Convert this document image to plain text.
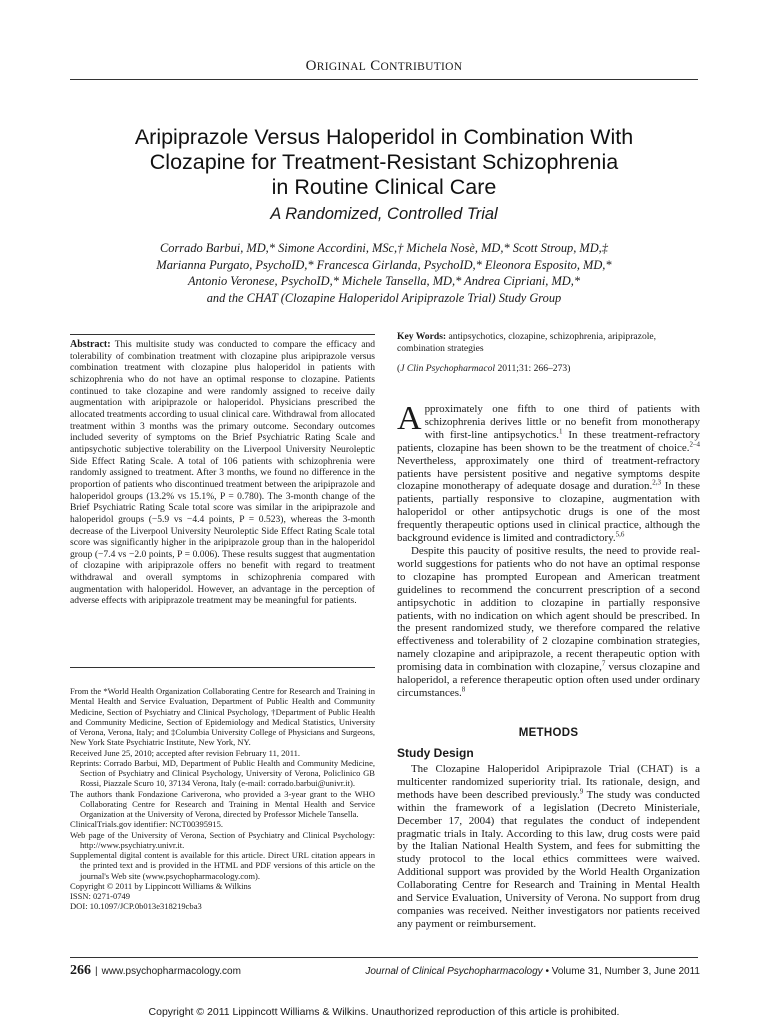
ORIGINAL CONTRIBUTION
Aripiprazole Versus Haloperidol in Combination With
Clozapine for Treatment-Resistant Schizophrenia
in Routine Clinical Care
A Randomized, Controlled Trial
Corrado Barbui, MD,* Simone Accordini, MSc,† Michela Nosè, MD,* Scott Stroup, MD,‡
Marianna Purgato, PsychoID,* Francesca Girlanda, PsychoID,* Eleonora Esposito, MD,*
Antonio Veronese, PsychoID,* Michele Tansella, MD,* Andrea Cipriani, MD,*
and the CHAT (Clozapine Haloperidol Aripiprazole Trial) Study Group
Abstract: This multisite study was conducted to compare the efficacy and tolerability of combination treatment with clozapine plus aripiprazole versus combination treatment with clozapine plus haloperidol in patients with schizophrenia who do not have an optimal response to clozapine. Patients continued to take clozapine and were randomly assigned to receive daily augmentation with aripiprazole or haloperidol. Physicians prescribed the allocated treatments according to usual clinical care. Withdrawal from allocated treatment within 3 months was the primary outcome. Secondary outcomes included severity of symptoms on the Brief Psychiatric Rating Scale and antipsychotic subjective tolerability on the Liverpool University Neuroleptic Side Effect Rating Scale. A total of 106 patients with schizophrenia were randomly assigned to treatment. After 3 months, we found no difference in the proportion of patients who discontinued treatment between the aripiprazole and haloperidol groups (13.2% vs 15.1%, P = 0.780). The 3-month change of the Brief Psychiatric Rating Scale total score was similar in the aripiprazole and haloperidol groups (−5.9 vs −4.4 points, P = 0.523), whereas the 3-month decrease of the Liverpool University Neuroleptic Side Effect Rating Scale total score was significantly higher in the aripiprazole group than in the haloperidol group (−7.4 vs −2.0 points, P = 0.006). These results suggest that augmentation of clozapine with aripiprazole offers no benefit with regard to treatment withdrawal and overall symptoms in schizophrenia compared with augmentation with haloperidol. However, an advantage in the perception of adverse effects with aripiprazole treatment may be meaningful for patients.

From the *World Health Organization Collaborating Centre for Research and Training in Mental Health and Service Evaluation, Department of Public Health and Community Medicine, Section of Psychiatry and Clinical Psychology, †Department of Public Health and Community Medicine, Section of Epidemiology and Medical Statistics, University of Verona, Verona, Italy; and ‡Columbia University College of Physicians and Surgeons, New York State Psychiatric Institute, New York, NY.

Received June 25, 2010; accepted after revision February 11, 2011.

Reprints: Corrado Barbui, MD, Department of Public Health and Community Medicine, Section of Psychiatry and Clinical Psychology, University of Verona, Policlinico GB Rossi, Piazzale Scuro 10, 37134 Verona, Italy (e-mail: corrado.barbui@univr.it).

The authors thank Fondazione Cariverona, who provided a 3-year grant to the WHO Collaborating Centre for Research and Training in Mental Health and Service Organization at the University of Verona, directed by Professor Michele Tansella.

ClinicalTrials.gov identifier: NCT00395915.

Web page of the University of Verona, Section of Psychiatry and Clinical Psychology: http://www.psychiatry.univr.it.

Supplemental digital content is available for this article. Direct URL citation appears in the printed text and is provided in the HTML and PDF versions of this article on the journal's Web site (www.psychopharmacology.com).

Copyright © 2011 by Lippincott Williams & Wilkins

ISSN: 0271-0749

DOI: 10.1097/JCP.0b013e318219cba3

Key Words: antipsychotics, clozapine, schizophrenia, aripiprazole, combination strategies
(J Clin Psychopharmacol 2011;31: 266–273)

Approximately one fifth to one third of patients with schizophrenia derives little or no benefit from monotherapy with first-line antipsychotics.$^1$ In these treatment-refractory patients, clozapine has been shown to be the treatment of choice.$^{2-4}$ Nevertheless, approximately one third of treatment-refractory patients have persistent positive and negative symptoms despite clozapine monotherapy of adequate dosage and duration.$^{2,3}$ In these patients, partially responsive to clozapine, augmentation with haloperidol or other antipsychotic drugs is one of the most frequently therapeutic options used in clinical practice, although the background evidence is limited and contradictory.$^{5,6}$

Despite this paucity of positive results, the need to provide real-world suggestions for patients who do not have an optimal response to clozapine has prompted European and American treatment guidelines to recommend the concurrent prescription of a second antipsychotic in addition to clozapine in partially responsive patients, with no indication on which agent should be prescribed. In the present randomized study, we therefore compared the relative effectiveness and tolerability of 2 clozapine combination strategies, namely clozapine and aripiprazole, a recent therapeutic option with promising data in combination with clozapine,$^7$ versus clozapine and haloperidol, a reference therapeutic option often used under ordinary circumstances.$^8$

METHODS
Study Design
The Clozapine Haloperidol Aripiprazole Trial (CHAT) is a multicenter randomized superiority trial. Its rationale, design, and methods have been described previously.$^9$ The study was conducted within the framework of a legislation (Decreto Ministeriale, December 17, 2004) that regulates the conduct of independent pragmatic trials in Italy. According to this law, drug costs were paid by the Italian National Health System, and fees for submitting the study protocol to the local ethics committees were waived. Additional support was provided by the World Health Organization Collaborating Centre for Research and Training in Mental Health and Service Evaluation, University of Verona. No support from drug companies was received. Neither investigators nor patients received any payment or reimbursement.
266 | www.psychopharmacology.com	Journal of Clinical Psychopharmacology • Volume 31, Number 3, June 2011
Copyright © 2011 Lippincott Williams & Wilkins. Unauthorized reproduction of this article is prohibited.
